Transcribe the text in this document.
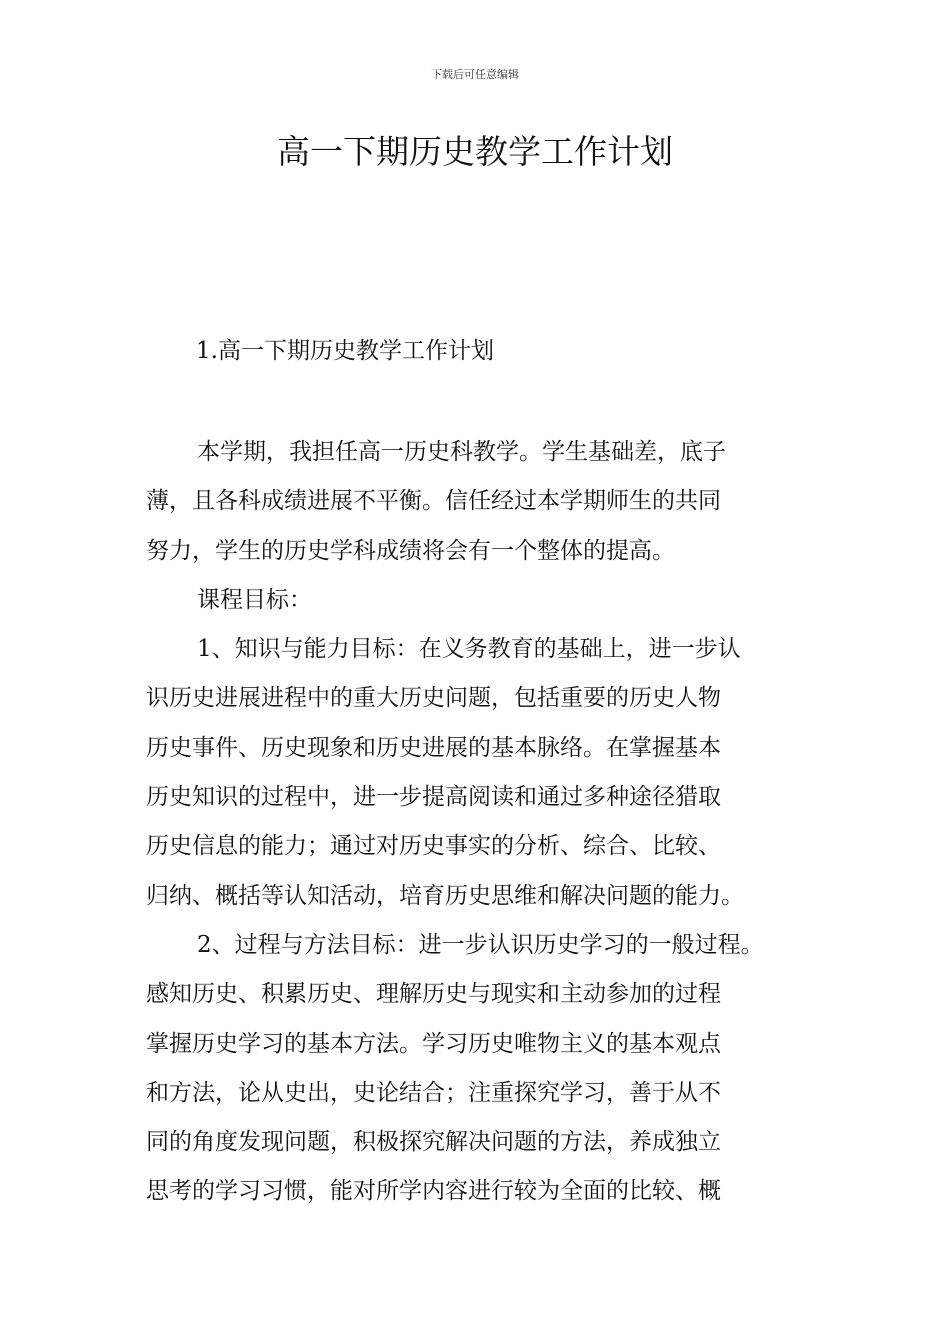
下载后可任意编辑
高一下期历史教学工作计划
1.高一下期历史教学工作计划

本学期，我担任高一历史科教学。学生基础差，底子
薄，且各科成绩进展不平衡。信任经过本学期师生的共同
努力，学生的历史学科成绩将会有一个整体的提高。

课程目标：

1、知识与能力目标：在义务教育的基础上，进一步认
识历史进展进程中的重大历史问题，包括重要的历史人物
历史事件、历史现象和历史进展的基本脉络。在掌握基本
历史知识的过程中，进一步提高阅读和通过多种途径猎取
历史信息的能力；通过对历史事实的分析、综合、比较、
归纳、概括等认知活动，培育历史思维和解决问题的能力。

2、过程与方法目标：进一步认识历史学习的一般过程。
感知历史、积累历史、理解历史与现实和主动参加的过程
掌握历史学习的基本方法。学习历史唯物主义的基本观点
和方法，论从史出，史论结合；注重探究学习，善于从不
同的角度发现问题，积极探究解决问题的方法，养成独立
思考的学习习惯，能对所学内容进行较为全面的比较、概
